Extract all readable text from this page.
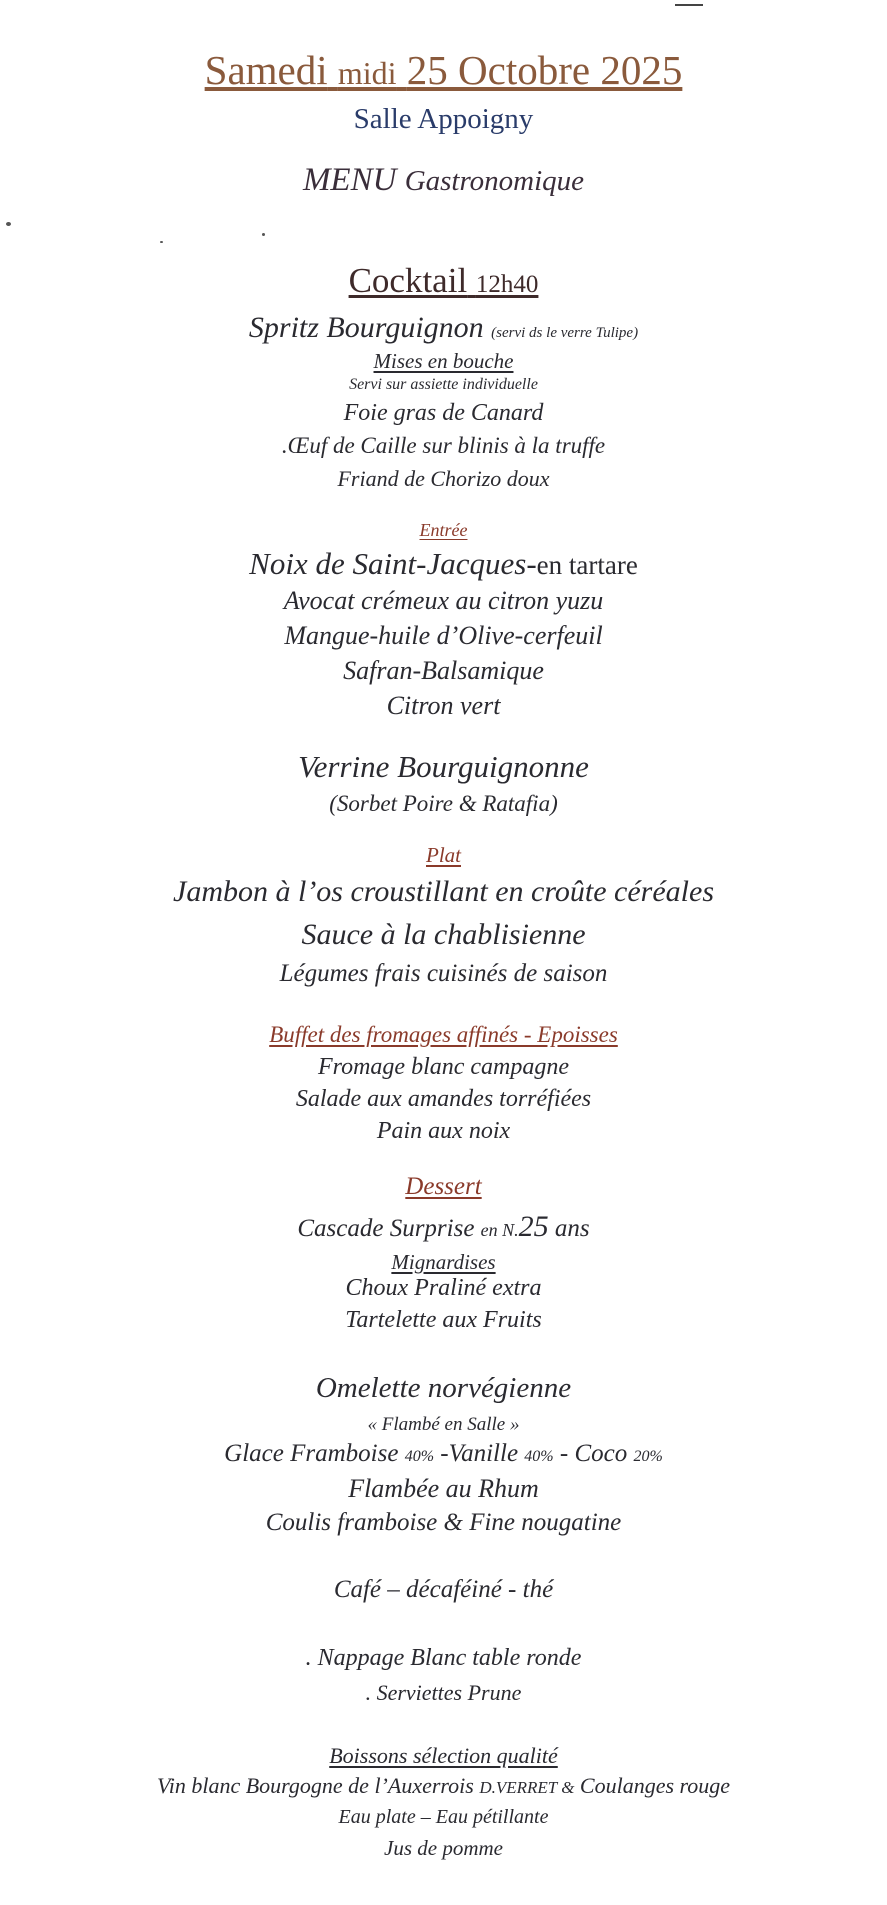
Samedi midi 25 Octobre 2025
Salle Appoigny
MENU Gastronomique
Cocktail 12h40
Spritz Bourguignon (servi ds le verre Tulipe)
Mises en bouche
Servi sur assiette individuelle
Foie gras de Canard
.Œuf de Caille sur blinis à la truffe
Friand de Chorizo doux
Entrée
Noix de Saint-Jacques-en tartare
Avocat crémeux au citron yuzu
Mangue-huile d’Olive-cerfeuil
Safran-Balsamique
Citron vert
Verrine Bourguignonne
(Sorbet Poire & Ratafia)
Plat
Jambon à l’os croustillant en croûte céréales
Sauce à la chablisienne
Légumes frais cuisinés de saison
Buffet des fromages affinés - Epoisses
Fromage blanc campagne
Salade aux amandes torréfiées
Pain aux noix
Dessert
Cascade Surprise en N.25 ans
Mignardises
Choux Praliné extra
Tartelette aux Fruits
Omelette norvégienne
« Flambé en Salle »
Glace Framboise 40% -Vanille 40% - Coco 20%
Flambée au Rhum
Coulis framboise & Fine nougatine
Café – décaféiné - thé
. Nappage Blanc table ronde
. Serviettes Prune
Boissons sélection qualité
Vin blanc Bourgogne de l’Auxerrois D.VERRET & Coulanges rouge
Eau plate – Eau pétillante
Jus de pomme
